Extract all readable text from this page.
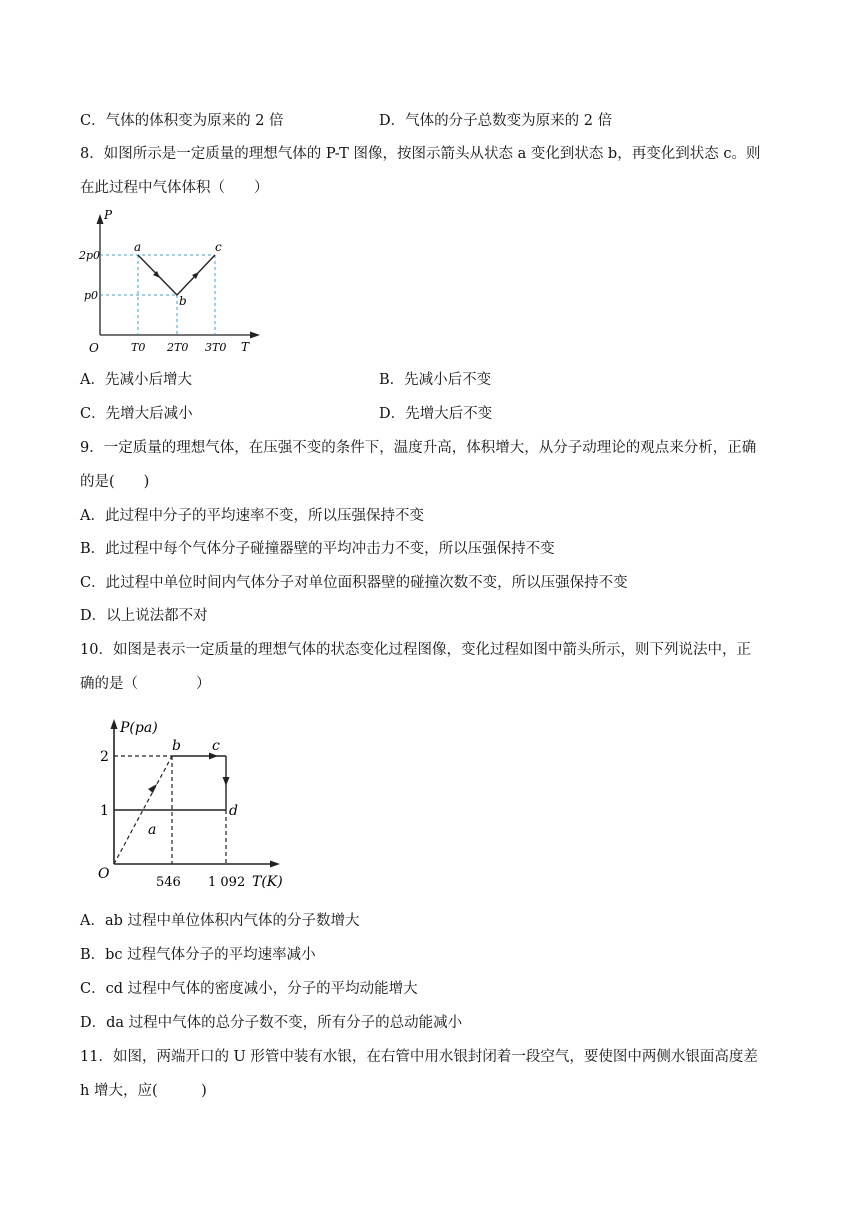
C．气体的体积变为原来的 2 倍	D．气体的分子总数变为原来的 2 倍
8．如图所示是一定质量的理想气体的 P-T 图像，按图示箭头从状态 a 变化到状态 b，再变化到状态 c。则
在此过程中气体体积（　　）
P
T
O
2p0
p0
T0 2T0 3T0
a
b
c
A．先减小后增大	B．先减小后不变
C．先增大后减小	D．先增大后不变
9．一定质量的理想气体，在压强不变的条件下，温度升高，体积增大，从分子动理论的观点来分析，正确
的是(　　)
A．此过程中分子的平均速率不变，所以压强保持不变
B．此过程中每个气体分子碰撞器壁的平均冲击力不变，所以压强保持不变
C．此过程中单位时间内气体分子对单位面积器壁的碰撞次数不变，所以压强保持不变
D．以上说法都不对
10．如图是表示一定质量的理想气体的状态变化过程图像，变化过程如图中箭头所示，则下列说法中，正
确的是（　　　　）
P(pa)
2
1
O
546 1 092 T(K)
a
b c
d
A．ab 过程中单位体积内气体的分子数增大
B．bc 过程气体分子的平均速率减小
C．cd 过程中气体的密度减小，分子的平均动能增大
D．da 过程中气体的总分子数不变，所有分子的总动能减小
11．如图，两端开口的 U 形管中装有水银，在右管中用水银封闭着一段空气，要使图中两侧水银面高度差
h 增大，应(　　　)
